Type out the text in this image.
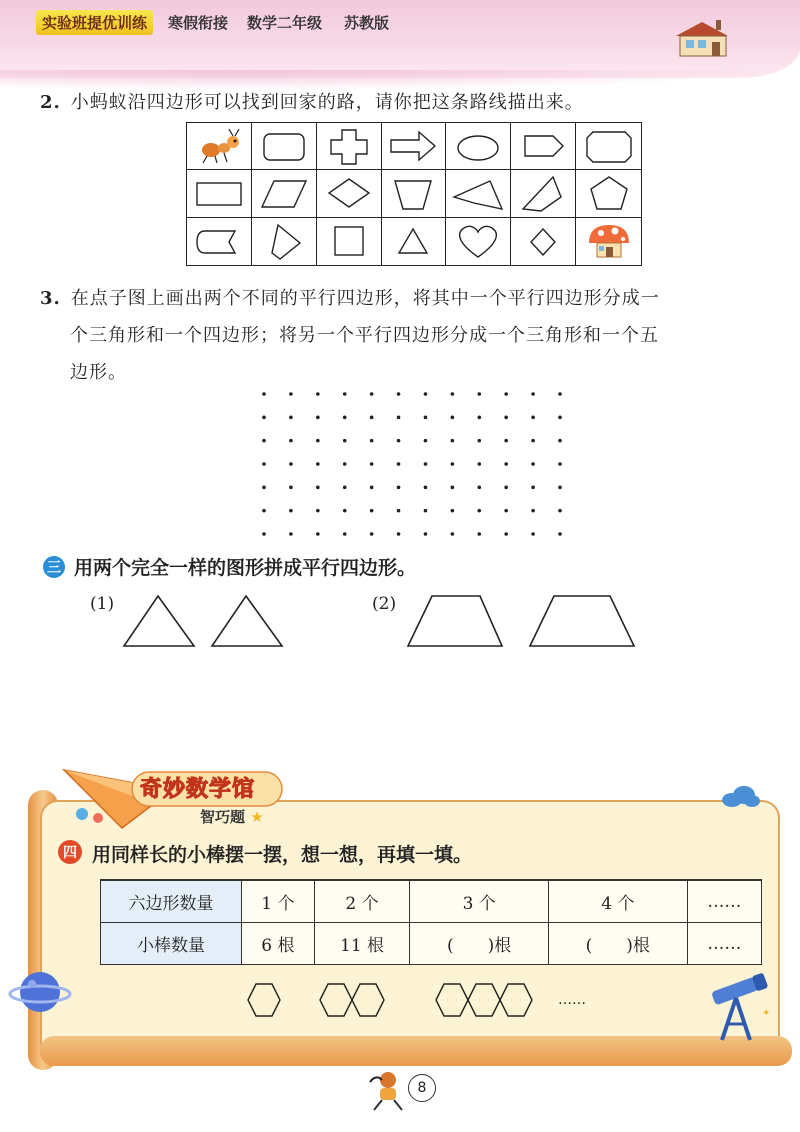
实验班提优训练	寒假衔接 数学二年级 苏教版
2. 小蚂蚁沿四边形可以找到回家的路，请你把这条路线描出来。
3. 在点子图上画出两个不同的平行四边形，将其中一个平行四边形分成一
个三角形和一个四边形；将另一个平行四边形分成一个三角形和一个五
边形。
三 用两个完全一样的图形拼成平行四边形。
(1)	(2)
奇妙数学馆
智巧题 ★
四 用同样长的小棒摆一摆，想一想，再填一填。
六边形数量	1 个	2 个	3 个	4 个	……
小棒数量	6 根	11 根	(　　)根	(　　)根	……
……
✦
8
